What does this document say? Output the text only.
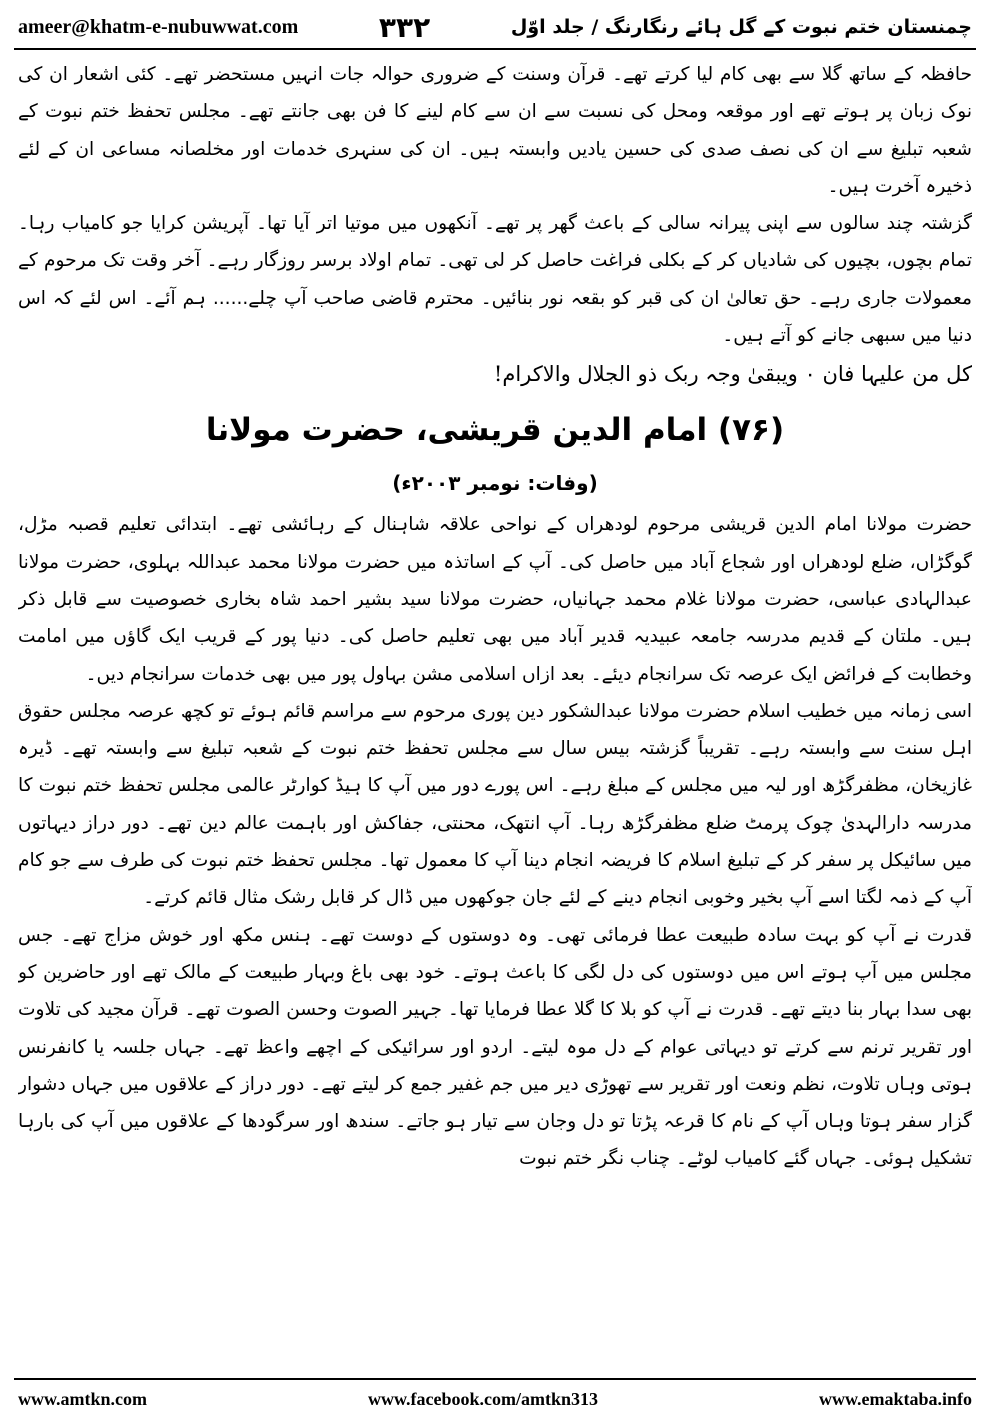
ameer@khatm-e-nubuwwat.com	۳۳۲	چمنستان ختم نبوت کے گل ہائے رنگارنگ / جلد اوّل

حافظہ کے ساتھ گلا سے بھی کام لیا کرتے تھے۔ قرآن وسنت کے ضروری حوالہ جات انہیں مستحضر تھے۔ کئی اشعار ان کی نوک زبان پر ہوتے تھے اور موقعہ ومحل کی نسبت سے ان سے کام لینے کا فن بھی جانتے تھے۔ مجلس تحفظ ختم نبوت کے شعبہ تبلیغ سے ان کی نصف صدی کی حسین یادیں وابستہ ہیں۔ ان کی سنہری خدمات اور مخلصانہ مساعی ان کے لئے ذخیرہ آخرت ہیں۔

گزشتہ چند سالوں سے اپنی پیرانہ سالی کے باعث گھر پر تھے۔ آنکھوں میں موتیا اتر آیا تھا۔ آپریشن کرایا جو کامیاب رہا۔ تمام بچوں، بچیوں کی شادیاں کر کے بکلی فراغت حاصل کر لی تھی۔ تمام اولاد برسر روزگار رہے۔ آخر وقت تک مرحوم کے معمولات جاری رہے۔ حق تعالیٰ ان کی قبر کو بقعہ نور بنائیں۔ محترم قاضی صاحب آپ چلے...... ہم آئے۔ اس لئے کہ اس دنیا میں سبھی جانے کو آتے ہیں۔

کل من علیہا فان ۰ ویبقیٰ وجہ ربک ذو الجلال والاکرام!

(۷۶) امام الدین قریشی، حضرت مولانا
(وفات: نومبر ۲۰۰۳ء)

حضرت مولانا امام الدین قریشی مرحوم لودھراں کے نواحی علاقہ شاہنال کے رہائشی تھے۔ ابتدائی تعلیم قصبہ مڑل، گوگڑاں، ضلع لودھراں اور شجاع آباد میں حاصل کی۔ آپ کے اساتذہ میں حضرت مولانا محمد عبداللہ بہلوی، حضرت مولانا عبدالہادی عباسی، حضرت مولانا غلام محمد جہانیاں، حضرت مولانا سید بشیر احمد شاہ بخاری خصوصیت سے قابل ذکر ہیں۔ ملتان کے قدیم مدرسہ جامعہ عبیدیہ قدیر آباد میں بھی تعلیم حاصل کی۔ دنیا پور کے قریب ایک گاؤں میں امامت وخطابت کے فرائض ایک عرصہ تک سرانجام دیئے۔ بعد ازاں اسلامی مشن بہاول پور میں بھی خدمات سرانجام دیں۔

اسی زمانہ میں خطیب اسلام حضرت مولانا عبدالشکور دین پوری مرحوم سے مراسم قائم ہوئے تو کچھ عرصہ مجلس حقوق اہل سنت سے وابستہ رہے۔ تقریباً گزشتہ بیس سال سے مجلس تحفظ ختم نبوت کے شعبہ تبلیغ سے وابستہ تھے۔ ڈیرہ غازیخان، مظفرگڑھ اور لیہ میں مجلس کے مبلغ رہے۔ اس پورے دور میں آپ کا ہیڈ کوارٹر عالمی مجلس تحفظ ختم نبوت کا مدرسہ دارالہدیٰ چوک پرمٹ ضلع مظفرگڑھ رہا۔ آپ انتھک، محنتی، جفاکش اور باہمت عالم دین تھے۔ دور دراز دیہاتوں میں سائیکل پر سفر کر کے تبلیغ اسلام کا فریضہ انجام دینا آپ کا معمول تھا۔ مجلس تحفظ ختم نبوت کی طرف سے جو کام آپ کے ذمہ لگتا اسے آپ بخیر وخوبی انجام دینے کے لئے جان جوکھوں میں ڈال کر قابل رشک مثال قائم کرتے۔

قدرت نے آپ کو بہت سادہ طبیعت عطا فرمائی تھی۔ وہ دوستوں کے دوست تھے۔ ہنس مکھ اور خوش مزاج تھے۔ جس مجلس میں آپ ہوتے اس میں دوستوں کی دل لگی کا باعث ہوتے۔ خود بھی باغ وبہار طبیعت کے مالک تھے اور حاضرین کو بھی سدا بہار بنا دیتے تھے۔ قدرت نے آپ کو بلا کا گلا عطا فرمایا تھا۔ جہیر الصوت وحسن الصوت تھے۔ قرآن مجید کی تلاوت اور تقریر ترنم سے کرتے تو دیہاتی عوام کے دل موہ لیتے۔ اردو اور سرائیکی کے اچھے واعظ تھے۔ جہاں جلسہ یا کانفرنس ہوتی وہاں تلاوت، نظم ونعت اور تقریر سے تھوڑی دیر میں جم غفیر جمع کر لیتے تھے۔ دور دراز کے علاقوں میں جہاں دشوار گزار سفر ہوتا وہاں آپ کے نام کا قرعہ پڑتا تو دل وجان سے تیار ہو جاتے۔ سندھ اور سرگودھا کے علاقوں میں آپ کی بارہا تشکیل ہوئی۔ جہاں گئے کامیاب لوٹے۔ چناب نگر ختم نبوت

www.amtkn.com	www.facebook.com/amtkn313	www.emaktaba.info
